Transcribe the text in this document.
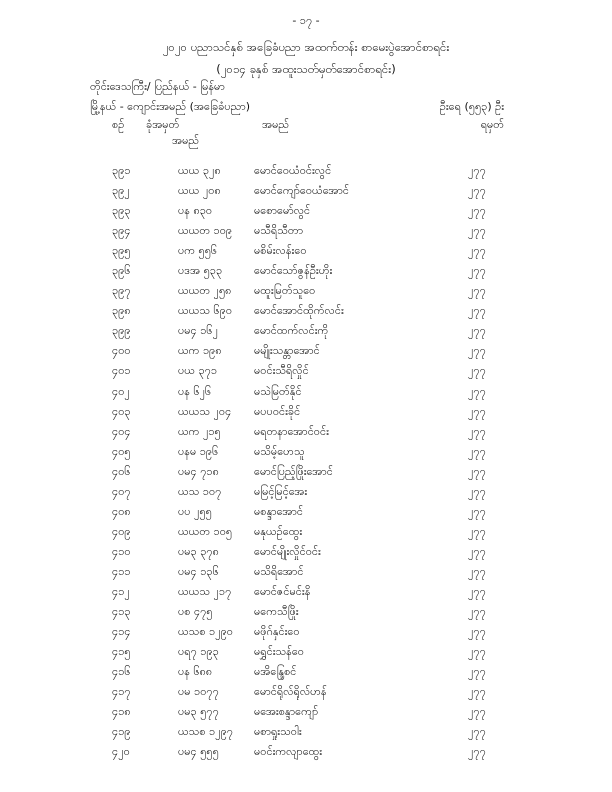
- ၁၇ -
၂၀၂၀ ပညာသင်နှစ် အခြေခံပညာ အထက်တန်း စာမေးပွဲအောင်စာရင်း
(၂၀၁၄ ခုနှစ် အထူးသတ်မှတ်အောင်စာရင်း)
တိုင်းဒေသကြီး/ ပြည်နယ် - မြန်မာ
မြို့နယ် - ကျောင်းအမည် (အခြေခံပညာ)	ဦးရေ (၅၅၃) ဦး
စဉ် ခုံအမှတ်
အမည်
အမည်	ရမှတ်
၃၉၁	ယယ ၃၂၈	မောင်ဝေယံဝင်းလွင်	၂၇၇
၃၉၂	ယယ ၂၀၈	မောင်ကျော်ဝေယံအောင်	၂၇၇
၃၉၃	ပန ၈၃၀	မစောမော်လွင်	၂၇၇
၃၉၄	ယယတ ၁၀၉ မသီရိသီတာ	၂၇၇
၃၉၅	ပက ၅၅၆	မစိမ်းလန်းဝေ	၂၇၇
၃၉၆	ပဒအ ၅၃၃	မောင်သော်ဇွန်ဦးဟိုး	၂၇၇
၃၉၇	ယယတ ၂၅၈ မထူးမြတ်သူဝေ	၂၇၇
၃၉၈	ယယသ ၆၉၀ မောင်အောင်ထိုက်လင်း	၂၇၇
၃၉၉	ပမ၄ ၁၆၂	မောင်ထက်လင်းကို	၂၇၇
၄၀၀	ယက ၁၉၈	မမျိုးသန္တာအောင်	၂၇၇
၄၀၁	ပယ ၃၇၁	မဝင်းသီရိလှိုင်	၂၇၇
၄၀၂	ပန ၆၂၆	မသဲမြတ်နိုင်	၂၇၇
၄၀၃	ယယသ ၂၀၄ မပပဝင်းခိုင်	၂၇၇
၄၀၄	ယက ၂၁၅	မရတနာအောင်ဝင်း	၂၇၇
၄၀၅	ပနမ ၁၉၆	မသိမ့်ဟေသူ	၂၇၇
၄၀၆	ပမ၄ ၇၁၈	မောင်ပြည့်ဖြိုးအောင်	၂၇၇
၄၀၇	ယသ ၁၀၇	မမြင့်မြင့်အေး	၂၇၇
၄၀၈	ပပ ၂၅၅	မစန္ဒာအောင်	၂၇၇
၄၀၉	ယယတ ၁၀၅ မနုယဉ်ထွေး	၂၇၇
၄၁၀	ပမ၃ ၃၇၈	မောင်မျိုးလှိုင်ဝင်း	၂၇၇
၄၁၁	ပမ၄ ၁၃၆	မသိရိအောင်	၂၇၇
၄၁၂	ယယသ ၂၁၇ မောင်ဇင်မင်းနိ	၂၇၇
၄၁၃	ပစ ၄၇၅	မကေသီဖြိုး	၂၇၇
၄၁၄	ယသစ ၁၂၉၀ မဖိုဂ်နှင်းဝေ	၂၇၇
၄၁၅	ပရ၇ ၁၉၃	မရွှင်းသန်ဝေ	၂၇၇
၄၁၆	ပန ၆၈၈	မအိန္ဒြေစင်	၂၇၇
၄၁၇	ပမ ၁၀၇၇	မောင်ရိုလ်ရိုလ်ဟန်	၂၇၇
၄၁၈	ပမ၃ ၅၇၇	မအေးစန္ဒာကျော်	၂၇၇
၄၁၉	ယသစ ၁၂၉၇ မစာရှုးသဝါး	၂၇၇
၄၂၀	ပမ၄ ၅၅၅	မဝင်းကလျာထွေး	၂၇၇
